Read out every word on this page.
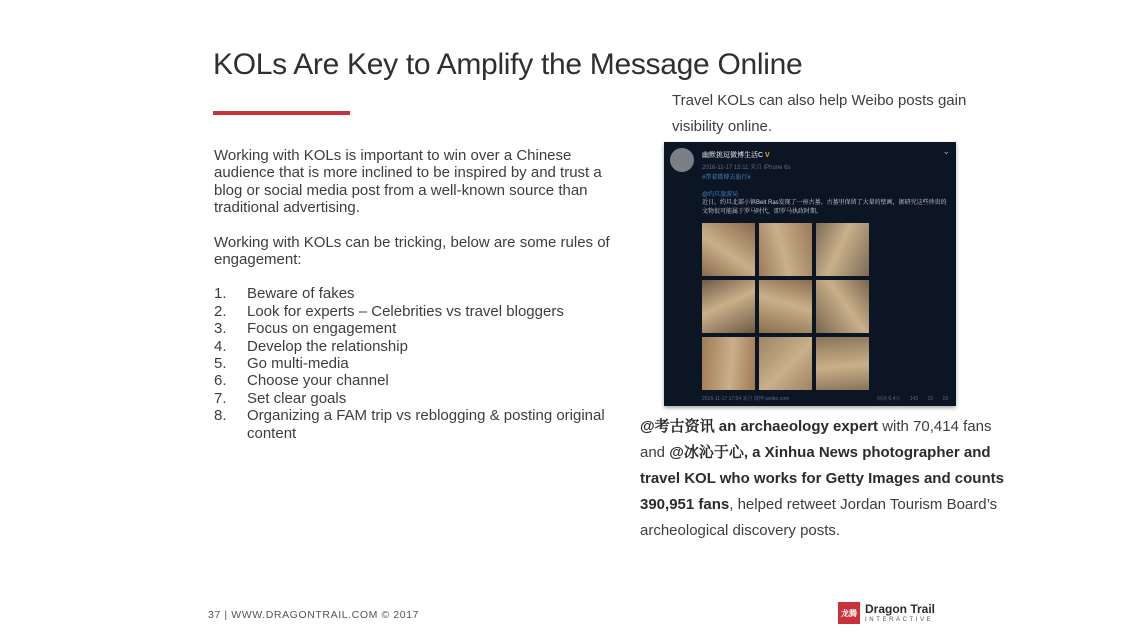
KOLs Are Key to Amplify the Message Online

Working with KOLs is important to win over a Chinese audience that is more inclined to be inspired by and trust a blog or social media post from a well-known source than traditional advertising.

Working with KOLs can be tricking, below are some rules of engagement:

1.	Beware of fakes
2.	Look for experts – Celebrities vs travel bloggers
3.	Focus on engagement
4.	Develop the relationship
5.	Go multi-media
6.	Choose your channel
7.	Set clear goals
8.	Organizing a FAM trip vs reblogging & posting original content
Travel KOLs can also help Weibo posts gain visibility online.
幽默挑逗微博生活C V	⌄
2016-11-17 15:11 来自 iPhone 6s
#带着微博去旅行#
@约旦旅游局
近日，约旦北部小镇Beit Ras发现了一座古墓。古墓里保留了大量的壁画，据研究这些珍贵的文物很可能属于罗马时代，即罗马执政时期。
2016-11-17 17:54 来自 微博 weibo.com	阅读 6.4万 143 10 19
@考古资讯 an archaeology expert with 70,414 fans and @冰沁于心, a Xinhua News photographer and travel KOL who works for Getty Images and counts 390,951 fans, helped retweet Jordan Tourism Board’s archeological discovery posts.
37 | WWW.DRAGONTRAIL.COM © 2017	龙腾 Dragon Trail
INTERACTIVE
